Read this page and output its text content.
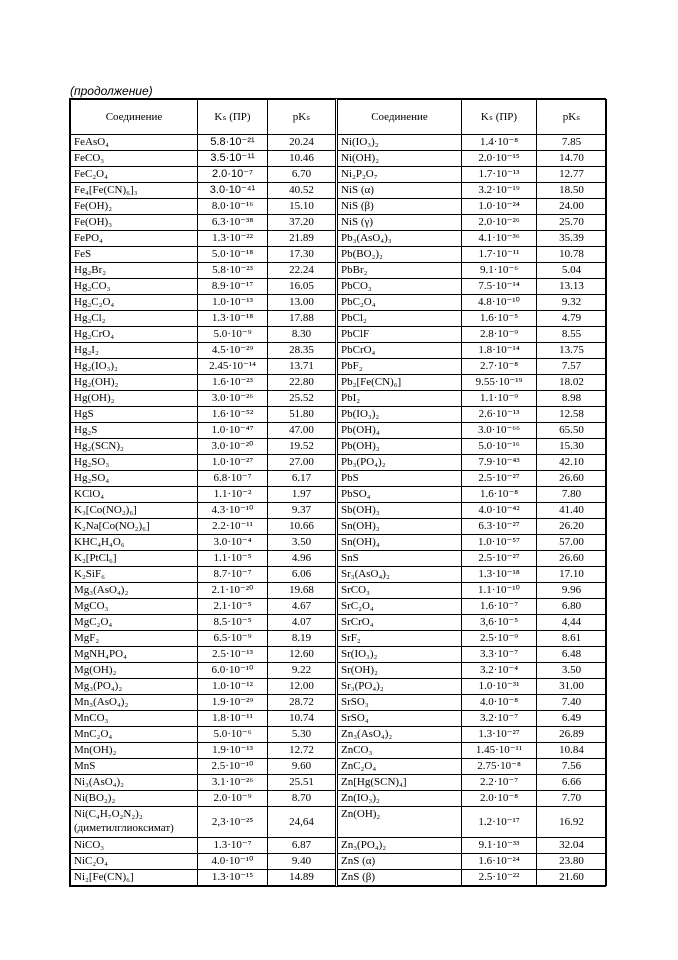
(продолжение)
Соединение	Kₛ (ПР)	pKₛ	Соединение	Kₛ (ПР)	pKₛ
FeAsO₄	5.8·10⁻²¹	20.24	Ni(IO₃)₂	1.4·10⁻⁸	7.85
FeCO₃	3.5·10⁻¹¹	10.46	Ni(OH)₂	2.0·10⁻¹⁵	14.70
FeC₂O₄	2.0·10⁻⁷	6.70	Ni₂P₂O₇	1.7·10⁻¹³	12.77
Fe₄[Fe(CN)₆]₃	3.0·10⁻⁴¹	40.52	NiS (α)	3.2·10⁻¹⁹	18.50
Fe(OH)₂	8.0·10⁻¹⁶	15.10	NiS (β)	1.0·10⁻²⁴	24.00
Fe(OH)₃	6.3·10⁻³⁸	37.20	NiS (γ)	2.0·10⁻²⁶	25.70
FePO₄	1.3·10⁻²²	21.89	Pb₃(AsO₄)₃	4.1·10⁻³⁶	35.39
FeS	5.0·10⁻¹⁸	17.30	Pb(BO₂)₂	1.7·10⁻¹¹	10.78
Hg₂Br₂	5.8·10⁻²³	22.24	PbBr₂	9.1·10⁻⁶	5.04
Hg₂CO₃	8.9·10⁻¹⁷	16.05	PbCO₃	7.5·10⁻¹⁴	13.13
Hg₂C₂O₄	1.0·10⁻¹³	13.00	PbC₂O₄	4.8·10⁻¹⁰	9.32
Hg₂Cl₂	1.3·10⁻¹⁸	17.88	PbCl₂	1.6·10⁻⁵	4.79
Hg₂CrO₄	5.0·10⁻⁹	8.30	PbClF	2.8·10⁻⁹	8.55
Hg₂I₂	4.5·10⁻²⁹	28.35	PbCrO₄	1.8·10⁻¹⁴	13.75
Hg₂(IO₃)₂	2.45·10⁻¹⁴	13.71	PbF₂	2.7·10⁻⁸	7.57
Hg₂(OH)₂	1.6·10⁻²³	22.80	Pb₂[Fe(CN)₆]	9.55·10⁻¹⁹	18.02
Hg(OH)₂	3.0·10⁻²⁶	25.52	PbI₂	1.1·10⁻⁹	8.98
HgS	1.6·10⁻⁵²	51.80	Pb(IO₃)₂	2.6·10⁻¹³	12.58
Hg₂S	1.0·10⁻⁴⁷	47.00	Pb(OH)₄	3.0·10⁻⁶⁶	65.50
Hg₂(SCN)₂	3.0·10⁻²⁰	19.52	Pb(OH)₂	5.0·10⁻¹⁶	15.30
Hg₂SO₃	1.0·10⁻²⁷	27.00	Pb₃(PO₄)₂	7.9·10⁻⁴³	42.10
Hg₂SO₄	6.8·10⁻⁷	6.17	PbS	2.5·10⁻²⁷	26.60
KClO₄	1.1·10⁻²	1.97	PbSO₄	1.6·10⁻⁸	7.80
K₃[Co(NO₂)₆]	4.3·10⁻¹⁰	9.37	Sb(OH)₃	4.0·10⁻⁴²	41.40
K₂Na[Co(NO₂)₆]	2.2·10⁻¹¹	10.66	Sn(OH)₂	6.3·10⁻²⁷	26.20
KHC₄H₄O₆	3.0·10⁻⁴	3.50	Sn(OH)₄	1.0·10⁻⁵⁷	57.00
K₂[PtCl₆]	1.1·10⁻⁵	4.96	SnS	2.5·10⁻²⁷	26.60
K₂SiF₆	8.7·10⁻⁷	6.06	Sr₃(AsO₄)₂	1.3·10⁻¹⁸	17.10
Mg₃(AsO₄)₂	2.1·10⁻²⁰	19.68	SrCO₃	1.1·10⁻¹⁰	9.96
MgCO₃	2.1·10⁻⁵	4.67	SrC₂O₄	1.6·10⁻⁷	6.80
MgC₂O₄	8.5·10⁻⁵	4.07	SrCrO₄	3,6·10⁻⁵	4,44
MgF₂	6.5·10⁻⁹	8.19	SrF₂	2.5·10⁻⁹	8.61
MgNH₄PO₄	2.5·10⁻¹³	12.60	Sr(IO₃)₂	3.3·10⁻⁷	6.48
Mg(OH)₂	6.0·10⁻¹⁰	9.22	Sr(OH)₂	3.2·10⁻⁴	3.50
Mg₃(PO₄)₂	1.0·10⁻¹²	12.00	Sr₃(PO₄)₂	1.0·10⁻³¹	31.00
Mn₃(AsO₄)₂	1.9·10⁻²⁹	28.72	SrSO₃	4.0·10⁻⁸	7.40
MnCO₃	1.8·10⁻¹¹	10.74	SrSO₄	3.2·10⁻⁷	6.49
MnC₂O₄	5.0·10⁻⁶	5.30	Zn₃(AsO₄)₂	1.3·10⁻²⁷	26.89
Mn(OH)₂	1.9·10⁻¹³	12.72	ZnCO₃	1.45·10⁻¹¹	10.84
MnS	2.5·10⁻¹⁰	9.60	ZnC₂O₄	2.75·10⁻⁸	7.56
Ni₃(AsO₄)₂	3.1·10⁻²⁶	25.51	Zn[Hg(SCN)₄]	2.2·10⁻⁷	6.66
Ni(BO₂)₂	2.0·10⁻⁹	8.70	Zn(IO₃)₂	2.0·10⁻⁸	7.70
Ni(C₄H₇O₂N₂)₂ (диметилглиоксимат)	2,3·10⁻²⁵	24,64	Zn(OH)₂	1.2·10⁻¹⁷	16.92
NiCO₃	1.3·10⁻⁷	6.87	Zn₃(PO₄)₂	9.1·10⁻³³	32.04
NiC₂O₄	4.0·10⁻¹⁰	9.40	ZnS (α)	1.6·10⁻²⁴	23.80
Ni₂[Fe(CN)₆]	1.3·10⁻¹⁵	14.89	ZnS (β)	2.5·10⁻²²	21.60
